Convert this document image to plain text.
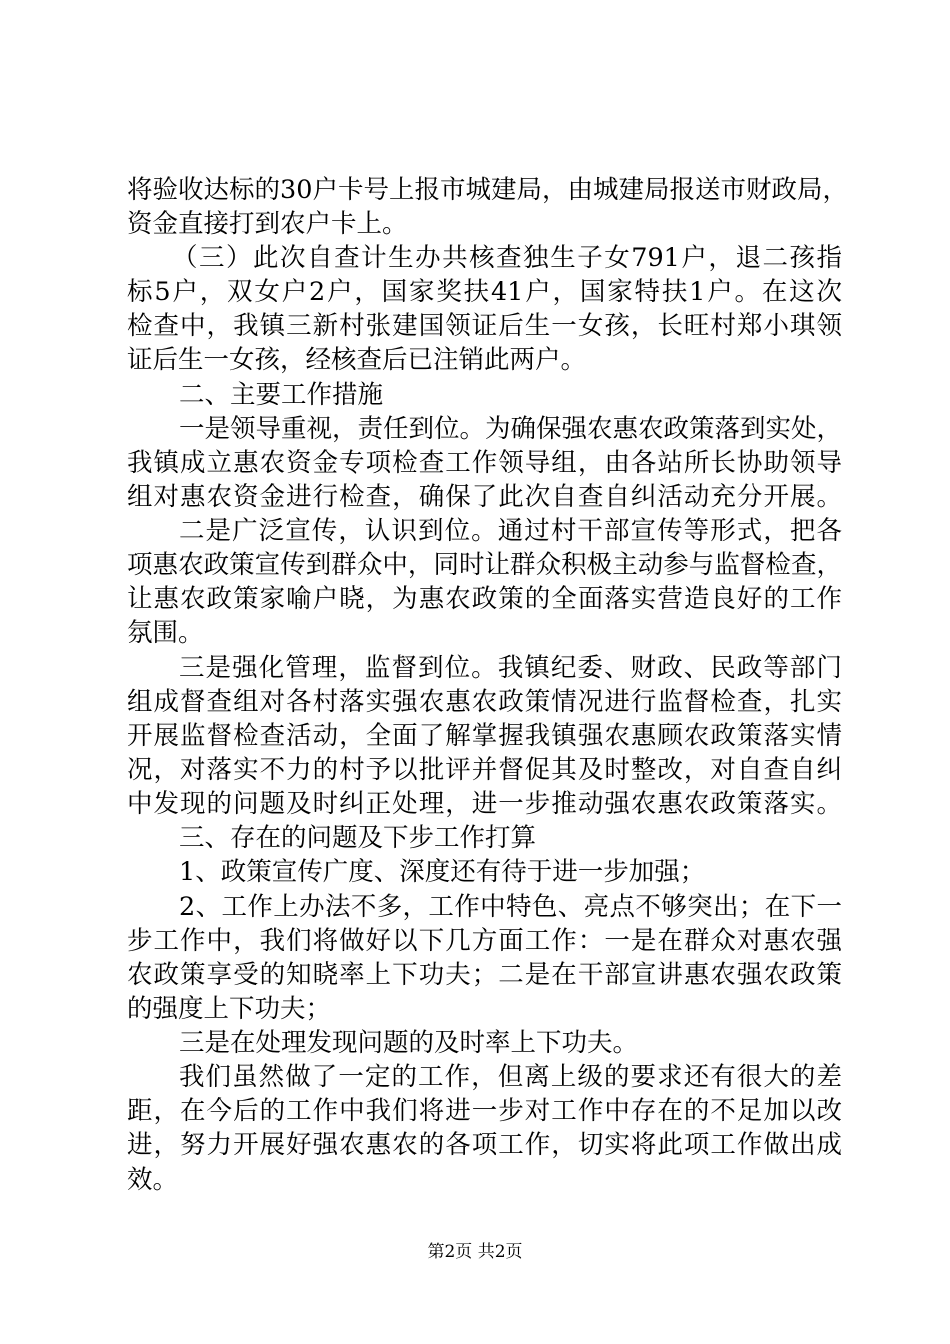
将验收达标的30户卡号上报市城建局，由城建局报送市财政局，
资金直接打到农户卡上。
（三）此次自查计生办共核查独生子女791户，退二孩指
标5户，双女户2户，国家奖扶41户，国家特扶1户。在这次
检查中，我镇三新村张建国领证后生一女孩，长旺村郑小琪领
证后生一女孩，经核查后已注销此两户。
二、主要工作措施
一是领导重视，责任到位。为确保强农惠农政策落到实处，
我镇成立惠农资金专项检查工作领导组，由各站所长协助领导
组对惠农资金进行检查，确保了此次自查自纠活动充分开展。
二是广泛宣传，认识到位。通过村干部宣传等形式，把各
项惠农政策宣传到群众中，同时让群众积极主动参与监督检查，
让惠农政策家喻户晓，为惠农政策的全面落实营造良好的工作
氛围。
三是强化管理，监督到位。我镇纪委、财政、民政等部门
组成督查组对各村落实强农惠农政策情况进行监督检查，扎实
开展监督检查活动，全面了解掌握我镇强农惠顾农政策落实情
况，对落实不力的村予以批评并督促其及时整改，对自查自纠
中发现的问题及时纠正处理，进一步推动强农惠农政策落实。
三、存在的问题及下步工作打算
1、政策宣传广度、深度还有待于进一步加强；
2、工作上办法不多，工作中特色、亮点不够突出；在下一
步工作中，我们将做好以下几方面工作：一是在群众对惠农强
农政策享受的知晓率上下功夫；二是在干部宣讲惠农强农政策
的强度上下功夫；
三是在处理发现问题的及时率上下功夫。
我们虽然做了一定的工作，但离上级的要求还有很大的差
距，在今后的工作中我们将进一步对工作中存在的不足加以改
进，努力开展好强农惠农的各项工作，切实将此项工作做出成
效。
第2页 共2页
